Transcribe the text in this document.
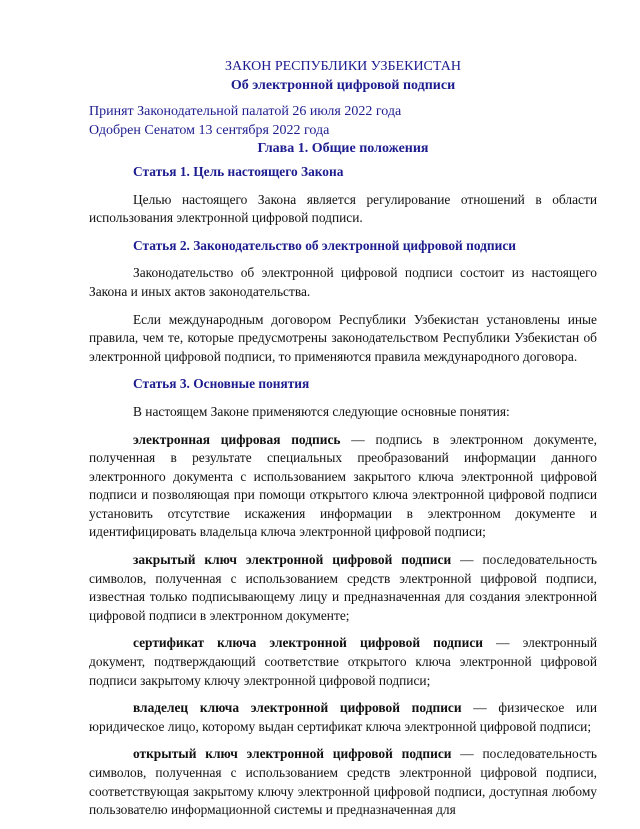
ЗАКОН РЕСПУБЛИКИ УЗБЕКИСТАН
Об электронной цифровой подписи
Принят Законодательной палатой 26 июля 2022 года
Одобрен Сенатом 13 сентября 2022 года
Глава 1. Общие положения
Статья 1. Цель настоящего Закона

Целью настоящего Закона является регулирование отношений в области использования электронной цифровой подписи.

Статья 2. Законодательство об электронной цифровой подписи

Законодательство об электронной цифровой подписи состоит из настоящего Закона и иных актов законодательства.

Если международным договором Республики Узбекистан установлены иные правила, чем те, которые предусмотрены законодательством Республики Узбекистан об электронной цифровой подписи, то применяются правила международного договора.

Статья 3. Основные понятия

В настоящем Законе применяются следующие основные понятия:

электронная цифровая подпись — подпись в электронном документе, полученная в результате специальных преобразований информации данного электронного документа с использованием закрытого ключа электронной цифровой подписи и позволяющая при помощи открытого ключа электронной цифровой подписи установить отсутствие искажения информации в электронном документе и идентифицировать владельца ключа электронной цифровой подписи;

закрытый ключ электронной цифровой подписи — последовательность символов, полученная с использованием средств электронной цифровой подписи, известная только подписывающему лицу и предназначенная для создания электронной цифровой подписи в электронном документе;

сертификат ключа электронной цифровой подписи — электронный документ, подтверждающий соответствие открытого ключа электронной цифровой подписи закрытому ключу электронной цифровой подписи;

владелец ключа электронной цифровой подписи — физическое или юридическое лицо, которому выдан сертификат ключа электронной цифровой подписи;

открытый ключ электронной цифровой подписи — последовательность символов, полученная с использованием средств электронной цифровой подписи, соответствующая закрытому ключу электронной цифровой подписи, доступная любому пользователю информационной системы и предназначенная для
